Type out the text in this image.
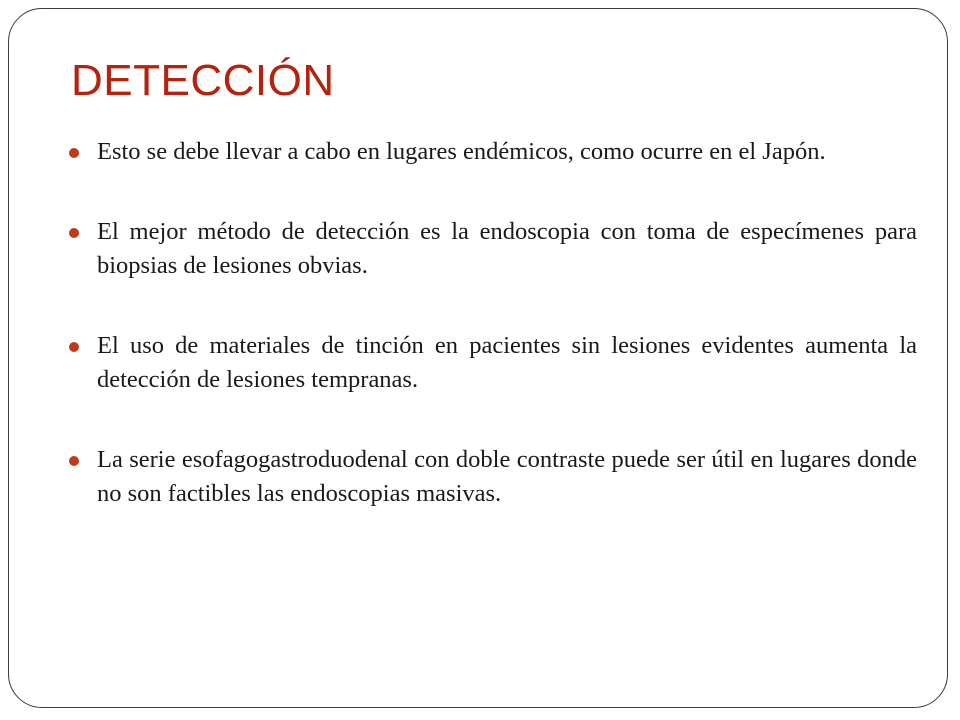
DETECCIÓN
Esto se debe llevar a cabo en lugares endémicos, como ocurre en el Japón.
El mejor método de detección es la endoscopia con toma de especímenes para biopsias de lesiones obvias.
El uso de materiales de tinción en pacientes sin lesiones evidentes aumenta la detección de lesiones tempranas.
La serie esofagogastroduodenal con doble contraste puede ser útil en lugares donde no son factibles las endoscopias masivas.
